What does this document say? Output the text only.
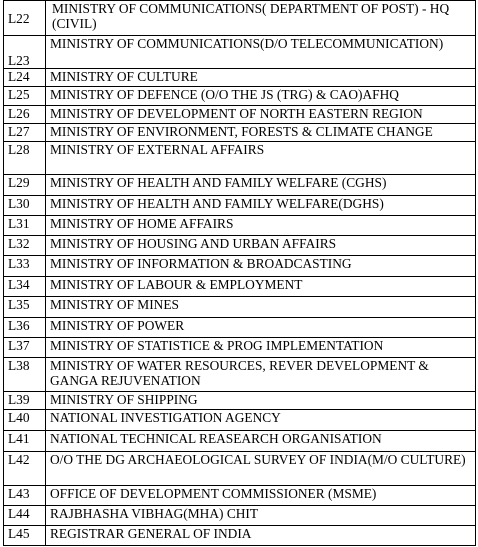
L22	MINISTRY OF COMMUNICATIONS( DEPARTMENT OF POST) - HQ (CIVIL)
L23	MINISTRY OF COMMUNICATIONS(D/O TELECOMMUNICATION)
L24	MINISTRY OF CULTURE
L25	MINISTRY OF DEFENCE (O/O THE JS (TRG) & CAO)AFHQ
L26	MINISTRY OF DEVELOPMENT OF NORTH EASTERN REGION
L27	MINISTRY OF ENVIRONMENT, FORESTS & CLIMATE CHANGE
L28	MINISTRY OF EXTERNAL AFFAIRS
L29	MINISTRY OF HEALTH AND FAMILY WELFARE (CGHS)
L30	MINISTRY OF HEALTH AND FAMILY WELFARE(DGHS)
L31	MINISTRY OF HOME AFFAIRS
L32	MINISTRY OF HOUSING AND URBAN AFFAIRS
L33	MINISTRY OF INFORMATION & BROADCASTING
L34	MINISTRY OF LABOUR & EMPLOYMENT
L35	MINISTRY OF MINES
L36	MINISTRY OF POWER
L37	MINISTRY OF STATISTICE & PROG IMPLEMENTATION
L38	MINISTRY OF WATER RESOURCES, REVER DEVELOPMENT & GANGA REJUVENATION
L39	MINISTRY OF SHIPPING
L40	NATIONAL INVESTIGATION AGENCY
L41	NATIONAL TECHNICAL REASEARCH ORGANISATION
L42	O/O THE DG ARCHAEOLOGICAL SURVEY OF INDIA(M/O CULTURE)
L43	OFFICE OF DEVELOPMENT COMMISSIONER (MSME)
L44	RAJBHASHA VIBHAG(MHA) CHIT
L45	REGISTRAR GENERAL OF INDIA
